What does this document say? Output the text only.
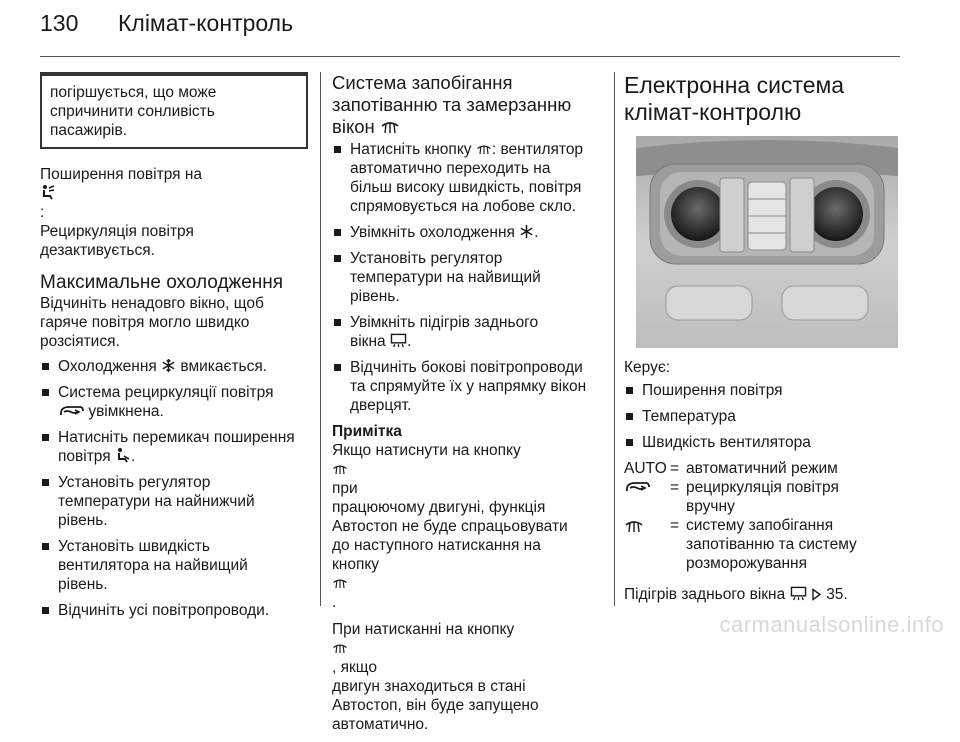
130 Клімат-контроль
погіршується, що може
спричинити сонливість
пасажирів.
Поширення повітря на
:
Рециркуляція повітря
дезактивується.
Максимальне охолодження
Відчиніть ненадовго вікно, щоб
гаряче повітря могло швидко
розсіятися.
Охолодження вмикається.
Система рециркуляції повітря
увімкнена.
Натисніть перемикач поширення
повітря .
Установіть регулятор
температури на найнижчий
рівень.
Установіть швидкість
вентилятора на найвищий
рівень.
Відчиніть усі повітропроводи.
Система запобігання
запотіванню та замерзанню
вікон
Натисніть кнопку : вентилятор
автоматично переходить на
більш високу швидкість, повітря
спрямовується на лобове скло.
Увімкніть охолодження .
Установіть регулятор
температури на найвищий
рівень.
Увімкніть підігрів заднього
вікна .
Відчиніть бокові повітропроводи
та спрямуйте їх у напрямку вікон
дверцят.
Примітка
Якщо натиснути на кнопку
при
працюючому двигуні, функція
Автостоп не буде спрацьовувати
до наступного натискання на
кнопку
.
При натисканні на кнопку
, якщо
двигун знаходиться в стані
Автостоп, він буде запущено
автоматично.
Електронна система
клімат-контролю
Керує:
Поширення повітря
Температура
Швидкість вентилятора
AUTO	=	автоматичний режим
	=	рециркуляція повітря
вручну

	=	систему запобігання
запотіванню та систему
розморожування
Підігрів заднього вікна	35.
carmanualsonline.info
